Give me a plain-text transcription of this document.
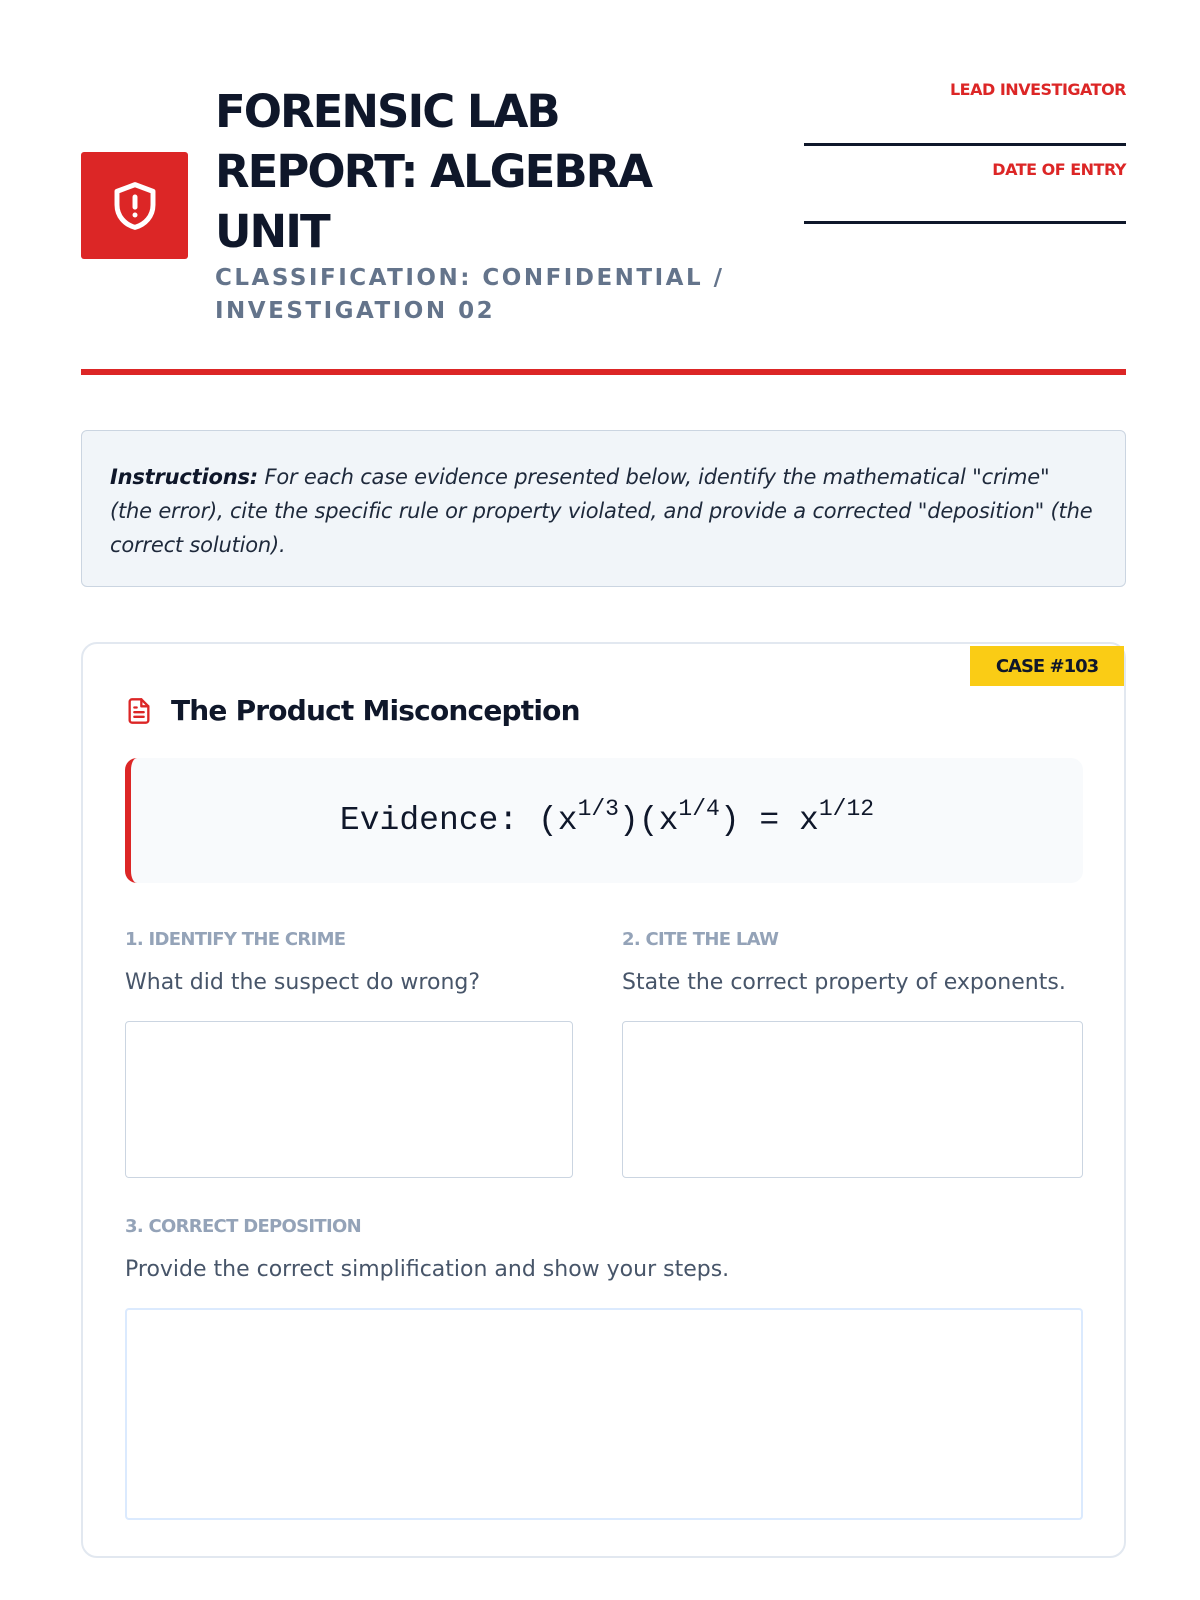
FORENSIC LAB REPORT: ALGEBRA UNIT
CLASSIFICATION: CONFIDENTIAL / INVESTIGATION 02
LEAD INVESTIGATOR
DATE OF ENTRY
Instructions: For each case evidence presented below, identify the mathematical "crime" (the error), cite the specific rule or property violated, and provide a corrected "deposition" (the correct solution).
CASE #103
The Product Misconception
Evidence: $(x^{1/3})(x^{1/4}) = x^{1/12}$
1. IDENTIFY THE CRIME
What did the suspect do wrong?
2. CITE THE LAW
State the correct property of exponents.
3. CORRECT DEPOSITION
Provide the correct simplification and show your steps.
